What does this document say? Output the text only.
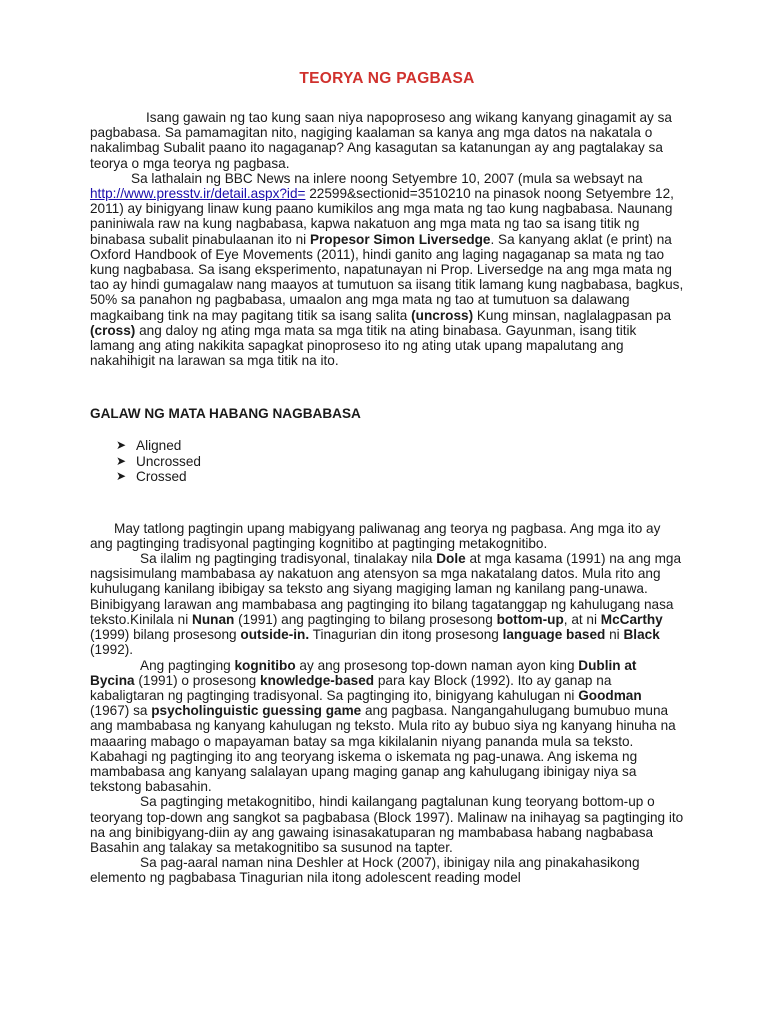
TEORYA NG PAGBASA

Isang gawain ng tao kung saan niya napoproseso ang wikang kanyang ginagamit ay sa pagbabasa. Sa pamamagitan nito, nagiging kaalaman sa kanya ang mga datos na nakatala o nakalimbag Subalit paano ito nagaganap? Ang kasagutan sa katanungan ay ang pagtalakay sa teorya o mga teorya ng pagbasa.

Sa lathalain ng BBC News na inlere noong Setyembre 10, 2007 (mula sa websayt na http://www.presstv.ir/detail.aspx?id= 22599&sectionid=3510210 na pinasok noong Setyembre 12, 2011) ay binigyang linaw kung paano kumikilos ang mga mata ng tao kung nagbabasa. Naunang paniniwala raw na kung nagbabasa, kapwa nakatuon ang mga mata ng tao sa isang titik ng binabasa subalit pinabulaanan ito ni Propesor Simon Liversedge. Sa kanyang aklat (e print) na Oxford Handbook of Eye Movements (2011), hindi ganito ang laging nagaganap sa mata ng tao kung nagbabasa. Sa isang eksperimento, napatunayan ni Prop. Liversedge na ang mga mata ng tao ay hindi gumagalaw nang maayos at tumutuon sa iisang titik lamang kung nagbabasa, bagkus, 50% sa panahon ng pagbabasa, umaalon ang mga mata ng tao at tumutuon sa dalawang magkaibang tink na may pagitang titik sa isang salita (uncross) Kung minsan, naglalagpasan pa (cross) ang daloy ng ating mga mata sa mga titik na ating binabasa. Gayunman, isang titik lamang ang ating nakikita sapagkat pinoproseso ito ng ating utak upang mapalutang ang nakahihigit na larawan sa mga titik na ito.

GALAW NG MATA HABANG NAGBABASA
➤ Aligned
➤ Uncrossed
➤ Crossed

May tatlong pagtingin upang mabigyang paliwanag ang teorya ng pagbasa. Ang mga ito ay ang pagtinging tradisyonal pagtinging kognitibo at pagtinging metakognitibo.

Sa ilalim ng pagtinging tradisyonal, tinalakay nila Dole at mga kasama (1991) na ang mga nagsisimulang mambabasa ay nakatuon ang atensyon sa mga nakatalang datos. Mula rito ang kuhulugang kanilang ibibigay sa teksto ang siyang magiging laman ng kanilang pang-unawa. Binibigyang larawan ang mambabasa ang pagtinging ito bilang tagatanggap ng kahulugang nasa teksto.Kinilala ni Nunan (1991) ang pagtinging to bilang prosesong bottom-up, at ni McCarthy (1999) bilang prosesong outside-in. Tinagurian din itong prosesong language based ni Black (1992).

Ang pagtinging kognitibo ay ang prosesong top-down naman ayon king Dublin at Bycina (1991) o prosesong knowledge-based para kay Block (1992). Ito ay ganap na kabaligtaran ng pagtinging tradisyonal. Sa pagtinging ito, binigyang kahulugan ni Goodman (1967) sa psycholinguistic guessing game ang pagbasa. Nangangahulugang bumubuo muna ang mambabasa ng kanyang kahulugan ng teksto. Mula rito ay bubuo siya ng kanyang hinuha na maaaring mabago o mapayaman batay sa mga kikilalanin niyang pananda mula sa teksto. Kabahagi ng pagtinging ito ang teoryang iskema o iskemata ng pag-unawa. Ang iskema ng mambabasa ang kanyang salalayan upang maging ganap ang kahulugang ibinigay niya sa tekstong babasahin.

Sa pagtinging metakognitibo, hindi kailangang pagtalunan kung teoryang bottom-up o teoryang top-down ang sangkot sa pagbabasa (Block 1997). Malinaw na inihayag sa pagtinging ito na ang binibigyang-diin ay ang gawaing isinasakatuparan ng mambabasa habang nagbabasa Basahin ang talakay sa metakognitibo sa susunod na tapter.

Sa pag-aaral naman nina Deshler at Hock (2007), ibinigay nila ang pinakahasikong elemento ng pagbabasa Tinagurian nila itong adolescent reading model
